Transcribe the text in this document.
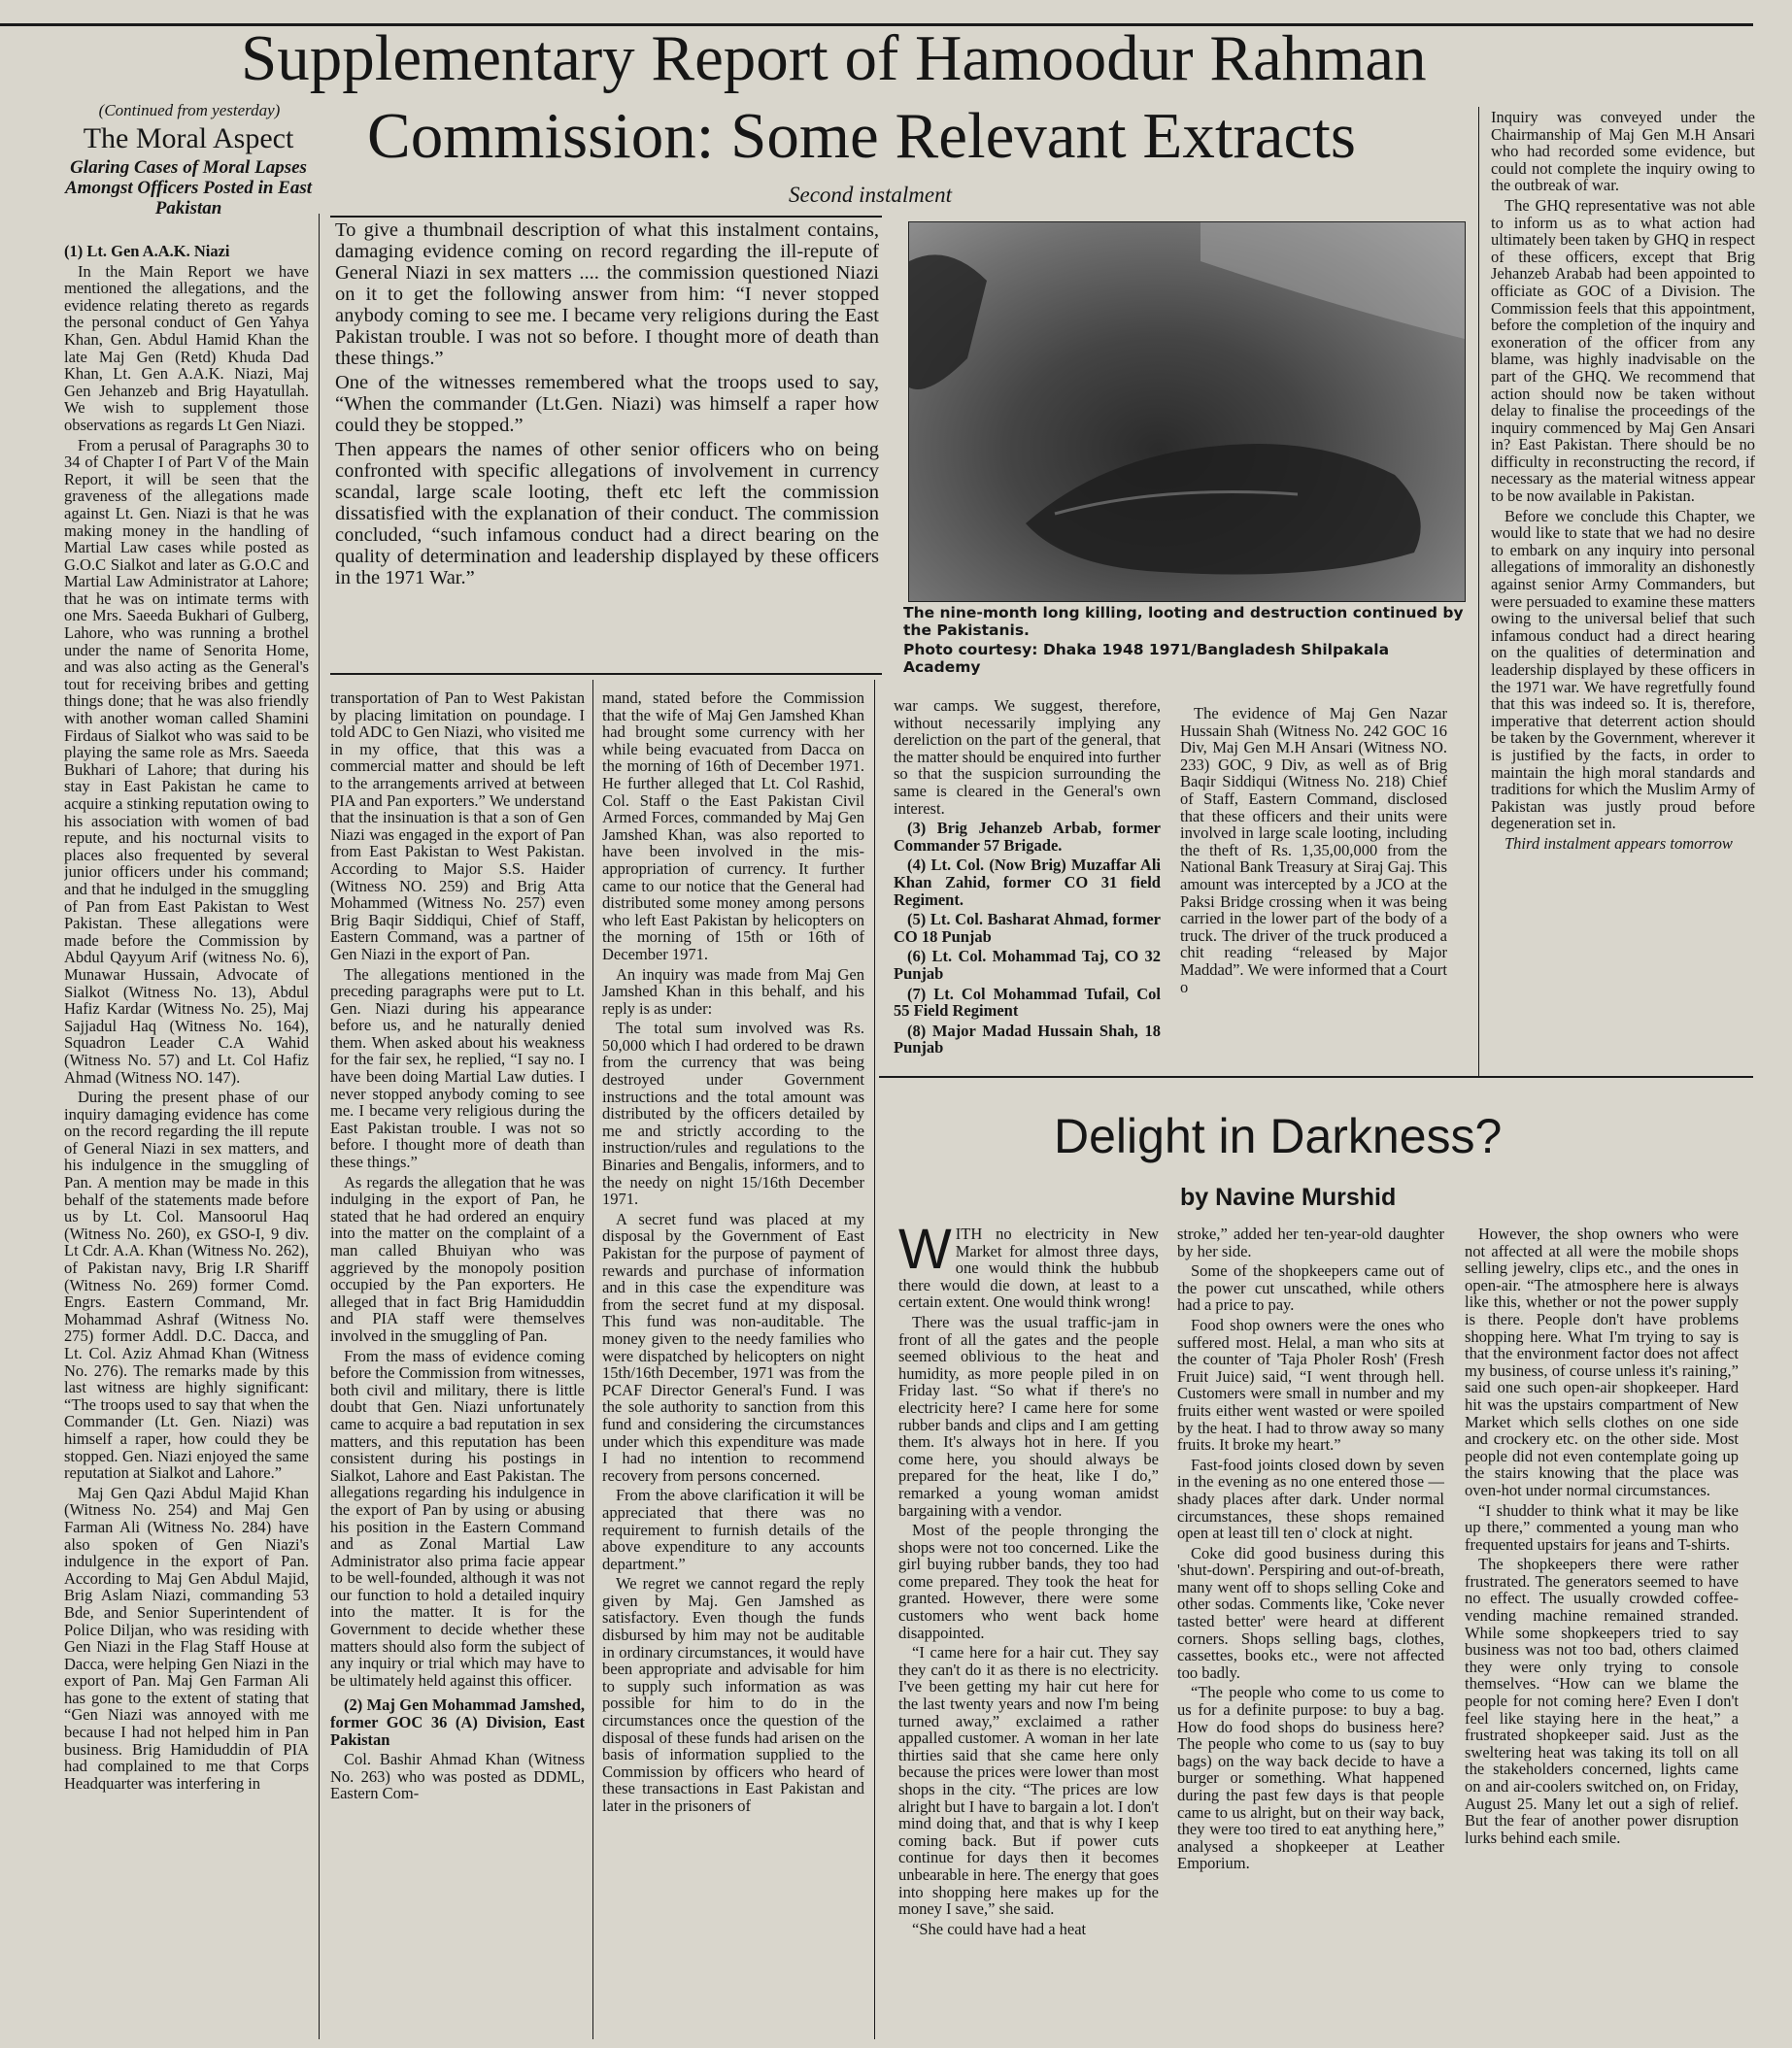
Supplementary Report of Hamoodur Rahman
Commission: Some Relevant Extracts
Second instalment
(Continued from yesterday)
The Moral Aspect
Glaring Cases of Moral Lapses Amongst Officers Posted in East Pakistan

(1) Lt. Gen A.A.K. Niazi

In the Main Report we have mentioned the allegations, and the evidence relating thereto as regards the personal conduct of Gen Yahya Khan, Gen. Abdul Hamid Khan the late Maj Gen (Retd) Khuda Dad Khan, Lt. Gen A.A.K. Niazi, Maj Gen Jehanzeb and Brig Hayatullah. We wish to supplement those observations as regards Lt Gen Niazi.

From a perusal of Paragraphs 30 to 34 of Chapter I of Part V of the Main Report, it will be seen that the graveness of the allegations made against Lt. Gen. Niazi is that he was making money in the handling of Martial Law cases while posted as G.O.C Sialkot and later as G.O.C and Martial Law Administrator at Lahore; that he was on intimate terms with one Mrs. Saeeda Bukhari of Gulberg, Lahore, who was running a brothel under the name of Senorita Home, and was also acting as the General's tout for receiving bribes and getting things done; that he was also friendly with another woman called Shamini Firdaus of Sialkot who was said to be playing the same role as Mrs. Saeeda Bukhari of Lahore; that during his stay in East Pakistan he came to acquire a stinking reputation owing to his association with women of bad repute, and his nocturnal visits to places also frequented by several junior officers under his command; and that he indulged in the smuggling of Pan from East Pakistan to West Pakistan. These allegations were made before the Commission by Abdul Qayyum Arif (witness No. 6), Munawar Hussain, Advocate of Sialkot (Witness No. 13), Abdul Hafiz Kardar (Witness No. 25), Maj Sajjadul Haq (Witness No. 164), Squadron Leader C.A Wahid (Witness No. 57) and Lt. Col Hafiz Ahmad (Witness NO. 147).

During the present phase of our inquiry damaging evidence has come on the record regarding the ill repute of General Niazi in sex matters, and his indulgence in the smuggling of Pan. A mention may be made in this behalf of the statements made before us by Lt. Col. Mansoorul Haq (Witness No. 260), ex GSO-I, 9 div. Lt Cdr. A.A. Khan (Witness No. 262), of Pakistan navy, Brig I.R Shariff (Witness No. 269) former Comd. Engrs. Eastern Command, Mr. Mohammad Ashraf (Witness No. 275) former Addl. D.C. Dacca, and Lt. Col. Aziz Ahmad Khan (Witness No. 276). The remarks made by this last witness are highly significant: “The troops used to say that when the Commander (Lt. Gen. Niazi) was himself a raper, how could they be stopped. Gen. Niazi enjoyed the same reputation at Sialkot and Lahore.”

Maj Gen Qazi Abdul Majid Khan (Witness No. 254) and Maj Gen Farman Ali (Witness No. 284) have also spoken of Gen Niazi's indulgence in the export of Pan. According to Maj Gen Abdul Majid, Brig Aslam Niazi, commanding 53 Bde, and Senior Superintendent of Police Diljan, who was residing with Gen Niazi in the Flag Staff House at Dacca, were helping Gen Niazi in the export of Pan. Maj Gen Farman Ali has gone to the extent of stating that “Gen Niazi was annoyed with me because I had not helped him in Pan business. Brig Hamiduddin of PIA had complained to me that Corps Headquarter was interfering in

To give a thumbnail description of what this instalment contains, damaging evidence coming on record regarding the ill-repute of General Niazi in sex matters .... the commission questioned Niazi on it to get the following answer from him: “I never stopped anybody coming to see me. I became very religions during the East Pakistan trouble. I was not so before. I thought more of death than these things.”

One of the witnesses remembered what the troops used to say, “When the commander (Lt.Gen. Niazi) was himself a raper how could they be stopped.”

Then appears the names of other senior officers who on being confronted with specific allegations of involvement in currency scandal, large scale looting, theft etc left the commission dissatisfied with the explanation of their conduct. The commission concluded, “such infamous conduct had a direct bearing on the quality of determination and leadership displayed by these officers in the 1971 War.”

The nine-month long killing, looting and destruction continued by the Pakistanis.
Photo courtesy: Dhaka 1948 1971/Bangladesh Shilpakala Academy

transportation of Pan to West Pakistan by placing limitation on poundage. I told ADC to Gen Niazi, who visited me in my office, that this was a commercial matter and should be left to the arrangements arrived at between PIA and Pan exporters.” We understand that the insinuation is that a son of Gen Niazi was engaged in the export of Pan from East Pakistan to West Pakistan. According to Major S.S. Haider (Witness NO. 259) and Brig Atta Mohammed (Witness No. 257) even Brig Baqir Siddiqui, Chief of Staff, Eastern Command, was a partner of Gen Niazi in the export of Pan.

The allegations mentioned in the preceding paragraphs were put to Lt. Gen. Niazi during his appearance before us, and he naturally denied them. When asked about his weakness for the fair sex, he replied, “I say no. I have been doing Martial Law duties. I never stopped anybody coming to see me. I became very religious during the East Pakistan trouble. I was not so before. I thought more of death than these things.”

As regards the allegation that he was indulging in the export of Pan, he stated that he had ordered an enquiry into the matter on the complaint of a man called Bhuiyan who was aggrieved by the monopoly position occupied by the Pan exporters. He alleged that in fact Brig Hamiduddin and PIA staff were themselves involved in the smuggling of Pan.

From the mass of evidence coming before the Commission from witnesses, both civil and military, there is little doubt that Gen. Niazi unfortunately came to acquire a bad reputation in sex matters, and this reputation has been consistent during his postings in Sialkot, Lahore and East Pakistan. The allegations regarding his indulgence in the export of Pan by using or abusing his position in the Eastern Command and as Zonal Martial Law Administrator also prima facie appear to be well-founded, although it was not our function to hold a detailed inquiry into the matter. It is for the Government to decide whether these matters should also form the subject of any inquiry or trial which may have to be ultimately held against this officer.

(2) Maj Gen Mohammad Jamshed, former GOC 36 (A) Division, East Pakistan

Col. Bashir Ahmad Khan (Witness No. 263) who was posted as DDML, Eastern Com-

mand, stated before the Commission that the wife of Maj Gen Jamshed Khan had brought some currency with her while being evacuated from Dacca on the morning of 16th of December 1971. He further alleged that Lt. Col Rashid, Col. Staff o the East Pakistan Civil Armed Forces, commanded by Maj Gen Jamshed Khan, was also reported to have been involved in the mis-appropriation of currency. It further came to our notice that the General had distributed some money among persons who left East Pakistan by helicopters on the morning of 15th or 16th of December 1971.

An inquiry was made from Maj Gen Jamshed Khan in this behalf, and his reply is as under:

The total sum involved was Rs. 50,000 which I had ordered to be drawn from the currency that was being destroyed under Government instructions and the total amount was distributed by the officers detailed by me and strictly according to the instruction/rules and regulations to the Binaries and Bengalis, informers, and to the needy on night 15/16th December 1971.

A secret fund was placed at my disposal by the Government of East Pakistan for the purpose of payment of rewards and purchase of information and in this case the expenditure was from the secret fund at my disposal. This fund was non-auditable. The money given to the needy families who were dispatched by helicopters on night 15th/16th December, 1971 was from the PCAF Director General's Fund. I was the sole authority to sanction from this fund and considering the circumstances under which this expenditure was made I had no intention to recommend recovery from persons concerned.

From the above clarification it will be appreciated that there was no requirement to furnish details of the above expenditure to any accounts department.”

We regret we cannot regard the reply given by Maj. Gen Jamshed as satisfactory. Even though the funds disbursed by him may not be auditable in ordinary circumstances, it would have been appropriate and advisable for him to supply such information as was possible for him to do in the circumstances once the question of the disposal of these funds had arisen on the basis of information supplied to the Commission by officers who heard of these transactions in East Pakistan and later in the prisoners of

war camps. We suggest, therefore, without necessarily implying any dereliction on the part of the general, that the matter should be enquired into further so that the suspicion surrounding the same is cleared in the General's own interest.

(3) Brig Jehanzeb Arbab, former Commander 57 Brigade.

(4) Lt. Col. (Now Brig) Muzaffar Ali Khan Zahid, former CO 31 field Regiment.

(5) Lt. Col. Basharat Ahmad, former CO 18 Punjab

(6) Lt. Col. Mohammad Taj, CO 32 Punjab

(7) Lt. Col Mohammad Tufail, Col 55 Field Regiment

(8) Major Madad Hussain Shah, 18 Punjab

The evidence of Maj Gen Nazar Hussain Shah (Witness No. 242 GOC 16 Div, Maj Gen M.H Ansari (Witness NO. 233) GOC, 9 Div, as well as of Brig Baqir Siddiqui (Witness No. 218) Chief of Staff, Eastern Command, disclosed that these officers and their units were involved in large scale looting, including the theft of Rs. 1,35,00,000 from the National Bank Treasury at Siraj Gaj. This amount was intercepted by a JCO at the Paksi Bridge crossing when it was being carried in the lower part of the body of a truck. The driver of the truck produced a chit reading “released by Major Maddad”. We were informed that a Court o

Inquiry was conveyed under the Chairmanship of Maj Gen M.H Ansari who had recorded some evidence, but could not complete the inquiry owing to the outbreak of war.

The GHQ representative was not able to inform us as to what action had ultimately been taken by GHQ in respect of these officers, except that Brig Jehanzeb Arabab had been appointed to officiate as GOC of a Division. The Commission feels that this appointment, before the completion of the inquiry and exoneration of the officer from any blame, was highly inadvisable on the part of the GHQ. We recommend that action should now be taken without delay to finalise the proceedings of the inquiry commenced by Maj Gen Ansari in? East Pakistan. There should be no difficulty in reconstructing the record, if necessary as the material witness appear to be now available in Pakistan.

Before we conclude this Chapter, we would like to state that we had no desire to embark on any inquiry into personal allegations of immorality an dishonestly against senior Army Commanders, but were persuaded to examine these matters owing to the universal belief that such infamous conduct had a direct hearing on the qualities of determination and leadership displayed by these officers in the 1971 war. We have regretfully found that this was indeed so. It is, therefore, imperative that deterrent action should be taken by the Government, wherever it is justified by the facts, in order to maintain the high moral standards and traditions for which the Muslim Army of Pakistan was justly proud before degeneration set in.

Third instalment appears tomorrow

Delight in Darkness?
by Navine Murshid

WITH no electricity in New Market for almost three days, one would think the hubbub there would die down, at least to a certain extent. One would think wrong!

There was the usual traffic-jam in front of all the gates and the people seemed oblivious to the heat and humidity, as more people piled in on Friday last. “So what if there's no electricity here? I came here for some rubber bands and clips and I am getting them. It's always hot in here. If you come here, you should always be prepared for the heat, like I do,” remarked a young woman amidst bargaining with a vendor.

Most of the people thronging the shops were not too concerned. Like the girl buying rubber bands, they too had come prepared. They took the heat for granted. However, there were some customers who went back home disappointed.

“I came here for a hair cut. They say they can't do it as there is no electricity. I've been getting my hair cut here for the last twenty years and now I'm being turned away,” exclaimed a rather appalled customer. A woman in her late thirties said that she came here only because the prices were lower than most shops in the city. “The prices are low alright but I have to bargain a lot. I don't mind doing that, and that is why I keep coming back. But if power cuts continue for days then it becomes unbearable in here. The energy that goes into shopping here makes up for the money I save,” she said.

“She could have had a heat

stroke,” added her ten-year-old daughter by her side.

Some of the shopkeepers came out of the power cut unscathed, while others had a price to pay.

Food shop owners were the ones who suffered most. Helal, a man who sits at the counter of 'Taja Pholer Rosh' (Fresh Fruit Juice) said, “I went through hell. Customers were small in number and my fruits either went wasted or were spoiled by the heat. I had to throw away so many fruits. It broke my heart.”

Fast-food joints closed down by seven in the evening as no one entered those — shady places after dark. Under normal circumstances, these shops remained open at least till ten o' clock at night.

Coke did good business during this 'shut-down'. Perspiring and out-of-breath, many went off to shops selling Coke and other sodas. Comments like, 'Coke never tasted better' were heard at different corners. Shops selling bags, clothes, cassettes, books etc., were not affected too badly.

“The people who come to us come to us for a definite purpose: to buy a bag. How do food shops do business here? The people who come to us (say to buy bags) on the way back decide to have a burger or something. What happened during the past few days is that people came to us alright, but on their way back, they were too tired to eat anything here,” analysed a shopkeeper at Leather Emporium.

However, the shop owners who were not affected at all were the mobile shops selling jewelry, clips etc., and the ones in open-air. “The atmosphere here is always like this, whether or not the power supply is there. People don't have problems shopping here. What I'm trying to say is that the environment factor does not affect my business, of course unless it's raining,” said one such open-air shopkeeper. Hard hit was the upstairs compartment of New Market which sells clothes on one side and crockery etc. on the other side. Most people did not even contemplate going up the stairs knowing that the place was oven-hot under normal circumstances.

“I shudder to think what it may be like up there,” commented a young man who frequented upstairs for jeans and T-shirts.

The shopkeepers there were rather frustrated. The generators seemed to have no effect. The usually crowded coffee-vending machine remained stranded. While some shopkeepers tried to say business was not too bad, others claimed they were only trying to console themselves. “How can we blame the people for not coming here? Even I don't feel like staying here in the heat,” a frustrated shopkeeper said. Just as the sweltering heat was taking its toll on all the stakeholders concerned, lights came on and air-coolers switched on, on Friday, August 25. Many let out a sigh of relief. But the fear of another power disruption lurks behind each smile.
